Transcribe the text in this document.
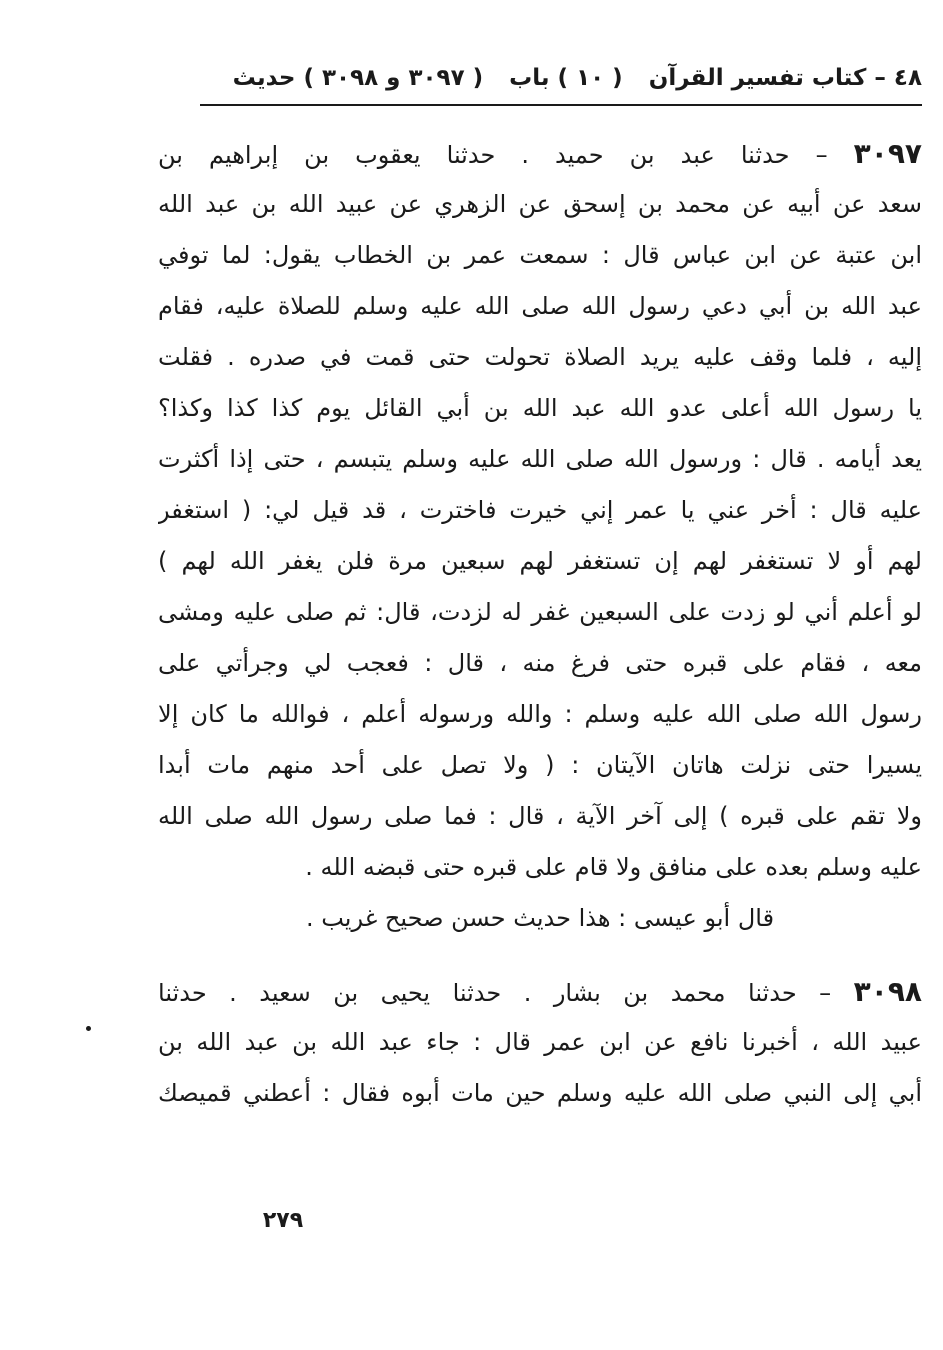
٤٨ – كتاب تفسير القرآن
( ١٠ ) باب
( ٣٠٩٧ و ٣٠٩٨ ) حديث
٣٠٩٧ – حدثنا عبد بن حميد . حدثنا يعقوب بن إبراهيم بن
سعد عن أبيه عن محمد بن إسحق عن الزهري عن عبيد الله بن عبد الله
ابن عتبة عن ابن عباس قال : سمعت عمر بن الخطاب يقول: لما توفي
عبد الله بن أبي دعي رسول الله صلى الله عليه وسلم للصلاة عليه، فقام
إليه ، فلما وقف عليه يريد الصلاة تحولت حتى قمت في صدره . فقلت
يا رسول الله أعلى عدو الله عبد الله بن أبي القائل يوم كذا كذا وكذا؟
يعد أيامه . قال : ورسول الله صلى الله عليه وسلم يتبسم ، حتى إذا أكثرت
عليه قال : أخر عني يا عمر إني خيرت فاخترت ، قد قيل لي: ( استغفر
لهم أو لا تستغفر لهم إن تستغفر لهم سبعين مرة فلن يغفر الله لهم )
لو أعلم أني لو زدت على السبعين غفر له لزدت، قال: ثم صلى عليه ومشى
معه ، فقام على قبره حتى فرغ منه ، قال : فعجب لي وجرأتي على
رسول الله صلى الله عليه وسلم : والله ورسوله أعلم ، فوالله ما كان إلا
يسيرا حتى نزلت هاتان الآيتان : ( ولا تصل على أحد منهم مات أبدا
ولا تقم على قبره ) إلى آخر الآية ، قال : فما صلى رسول الله صلى الله
عليه وسلم بعده على منافق ولا قام على قبره حتى قبضه الله .
قال أبو عيسى : هذا حديث حسن صحيح غريب .
٣٠٩٨ – حدثنا محمد بن بشار . حدثنا يحيى بن سعيد . حدثنا
عبيد الله ، أخبرنا نافع عن ابن عمر قال : جاء عبد الله بن عبد الله بن
أبي إلى النبي صلى الله عليه وسلم حين مات أبوه فقال : أعطني قميصك
٢٧٩
